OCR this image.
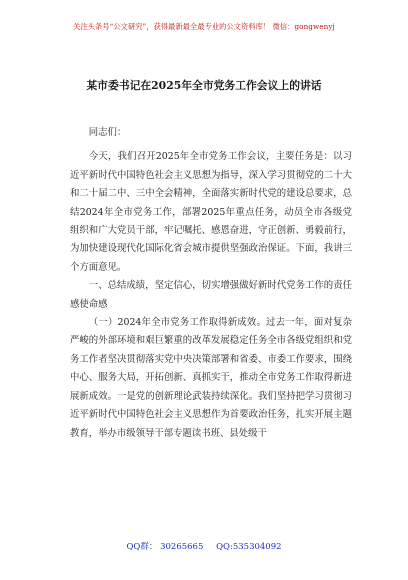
关注头条号“公文研究”，获得最新最全最专业的公文资料库！ 微信：gongwenyj
某市委书记在2025年全市党务工作会议上的讲话

同志们：

今天，我们召开2025年全市党务工作会议，主要任务是：以习近平新时代中国特色社会主义思想为指导，深入学习贯彻党的二十大和二十届二中、三中全会精神，全面落实新时代党的建设总要求，总结2024年全市党务工作，部署2025年重点任务，动员全市各级党组织和广大党员干部，牢记嘱托、感恩奋进，守正创新、勇毅前行，为加快建设现代化国际化省会城市提供坚强政治保证。下面，我讲三个方面意见。

一、总结成绩，坚定信心，切实增强做好新时代党务工作的责任感使命感

（一）2024年全市党务工作取得新成效。过去一年，面对复杂严峻的外部环境和艰巨繁重的改革发展稳定任务全市各级党组织和党务工作者坚决贯彻落实党中央决策部署和省委、市委工作要求，围绕中心、服务大局，开拓创新、真抓实干，推动全市党务工作取得新进展新成效。一是党的创新理论武装持续深化。我们坚持把学习贯彻习近平新时代中国特色社会主义思想作为首要政治任务，扎实开展主题教育，举办市级领导干部专题读书班、县处级干

QQ群： 30265665 QQ:535304092
